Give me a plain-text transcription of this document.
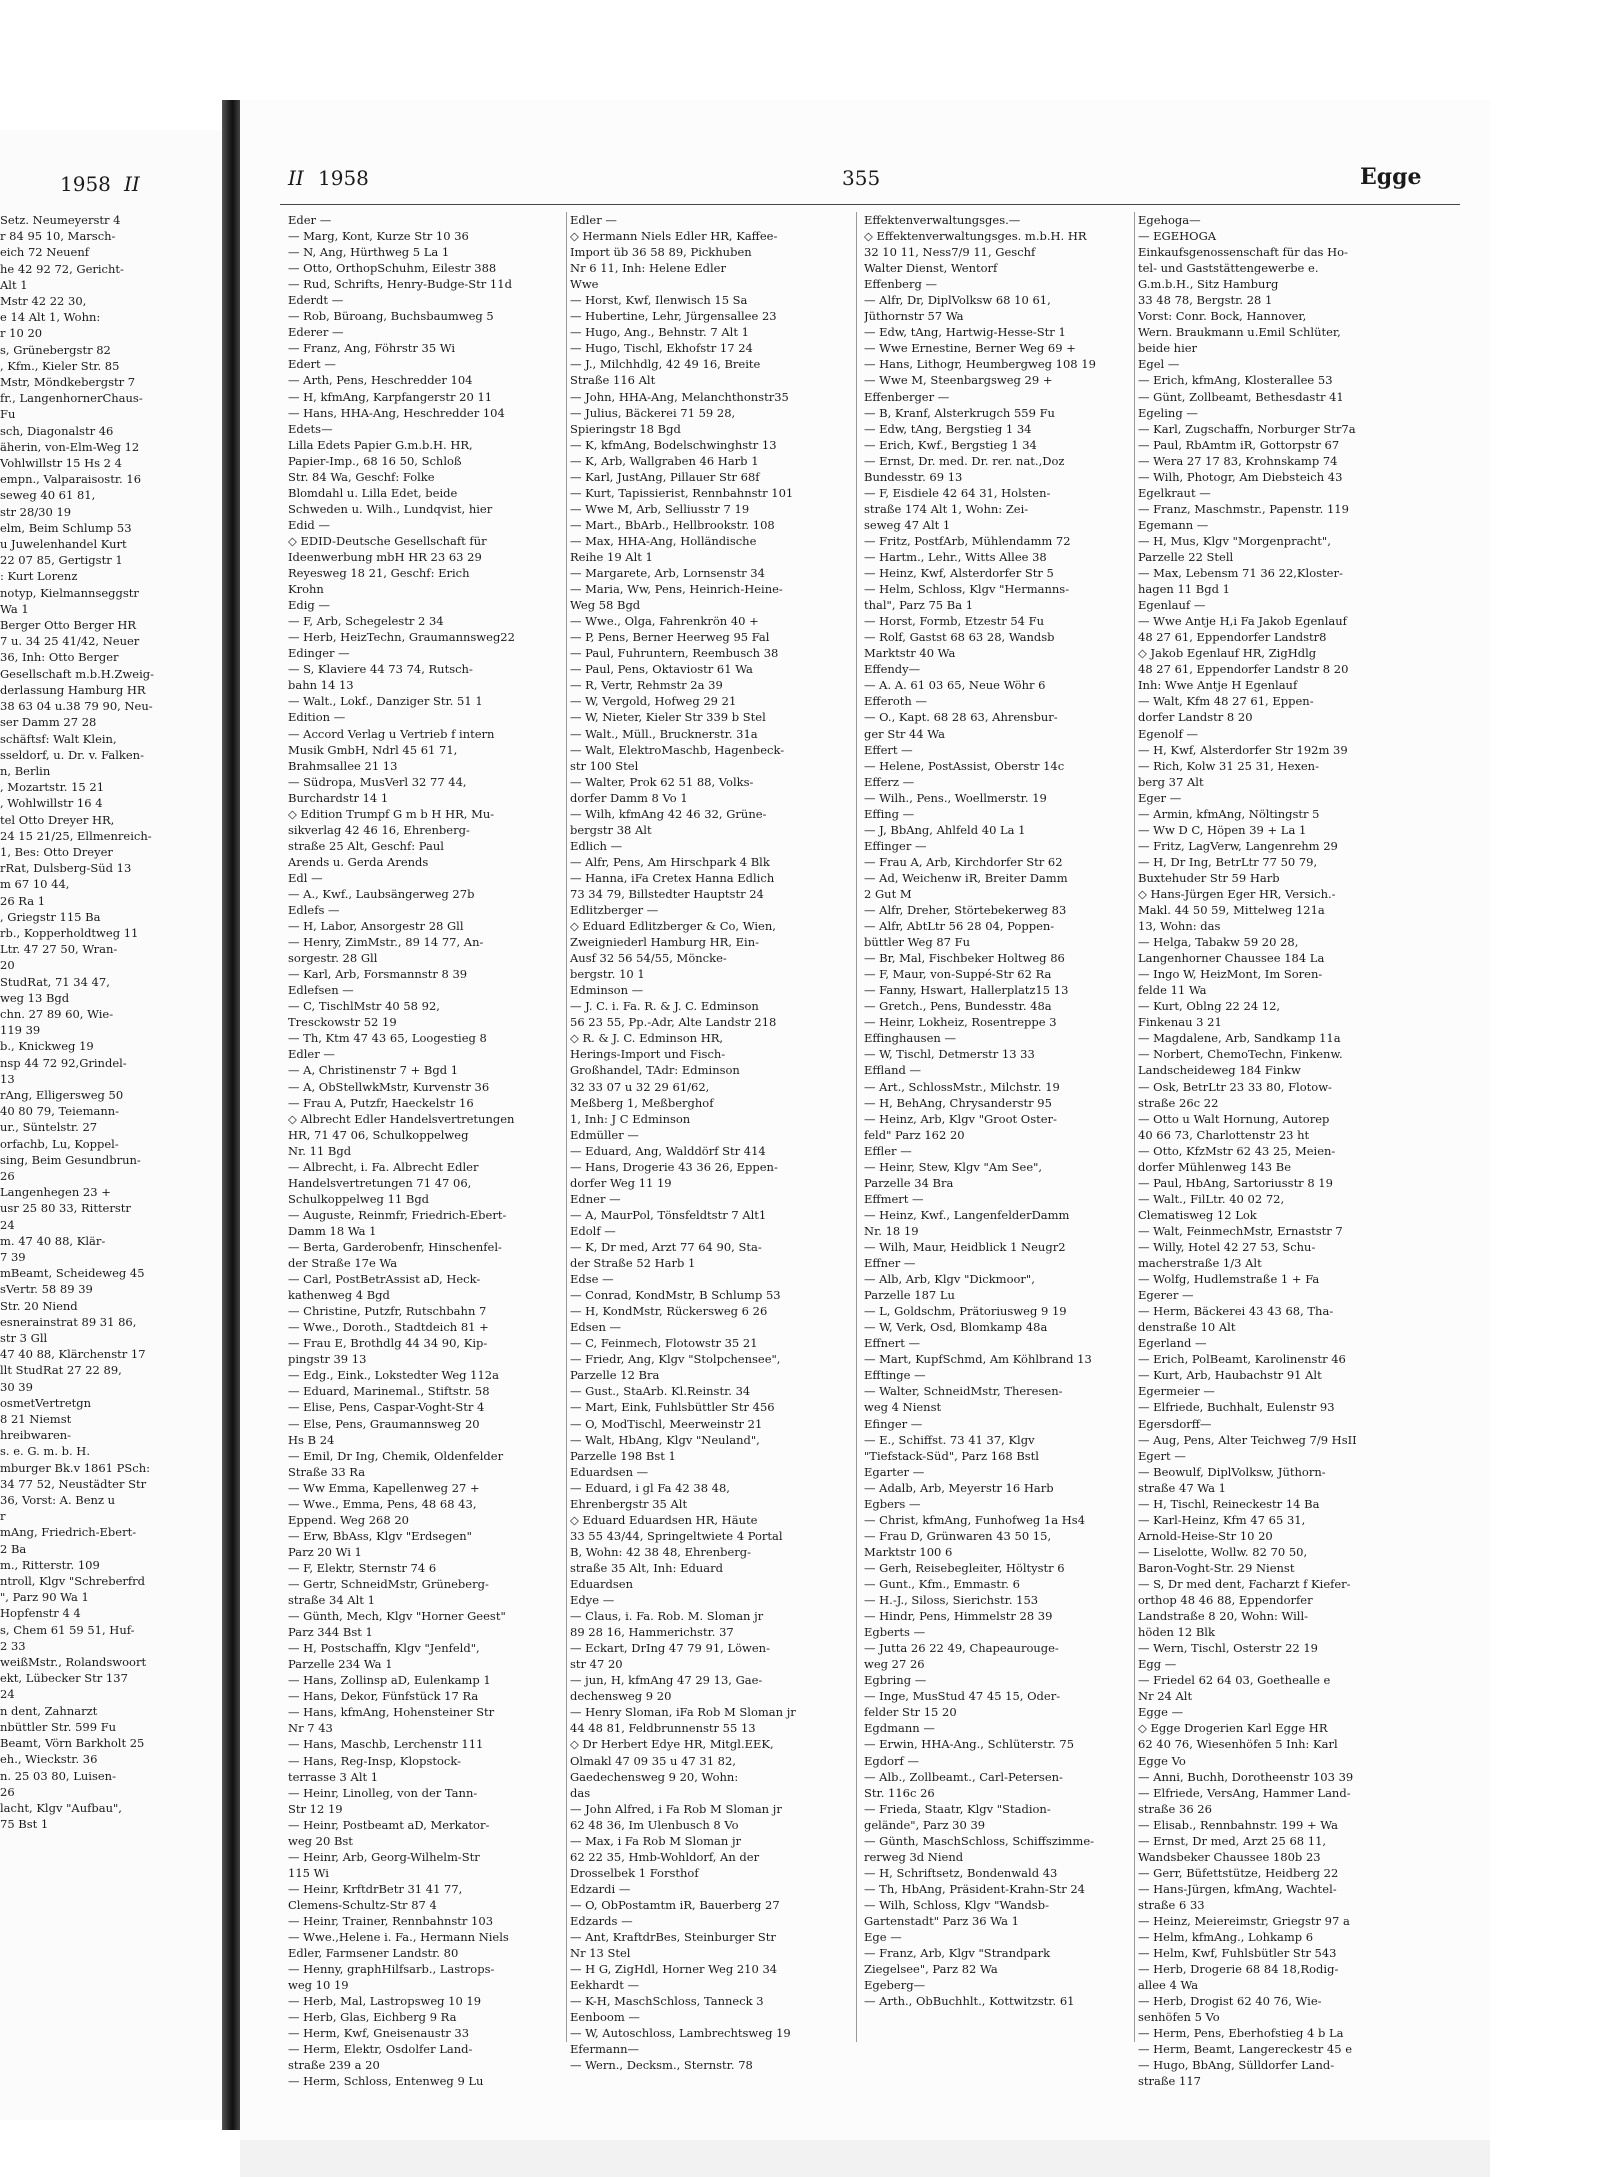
1958 II
Setz. Neumeyerstr 4
r 84 95 10, Marsch-
eich 72 Neuenf
he 42 92 72, Gericht-
Alt 1
Mstr 42 22 30,
e 14 Alt 1, Wohn:
r 10 20
s, Grünebergstr 82
, Kfm., Kieler Str. 85
Mstr, Möndkebergstr 7
fr., LangenhornerChaus-
Fu
sch, Diagonalstr 46
äherin, von-Elm-Weg 12
Vohlwillstr 15 Hs 2 4
empn., Valparaisostr. 16
seweg 40 61 81,
str 28/30 19
elm, Beim Schlump 53
u Juwelenhandel Kurt
22 07 85, Gertigstr 1
: Kurt Lorenz
notyp, Kielmannseggstr
Wa 1
Berger Otto Berger HR
7 u. 34 25 41/42, Neuer
36, Inh: Otto Berger
Gesellschaft m.b.H.Zweig-
derlassung Hamburg HR
38 63 04 u.38 79 90, Neu-
ser Damm 27 28
schäftsf: Walt Klein,
sseldorf, u. Dr. v. Falken-
n, Berlin
, Mozartstr. 15 21
, Wohlwillstr 16 4
tel Otto Dreyer HR,
24 15 21/25, Ellmenreich-
1, Bes: Otto Dreyer
rRat, Dulsberg-Süd 13
m 67 10 44,
26 Ra 1
, Griegstr 115 Ba
rb., Kopperholdtweg 11
Ltr. 47 27 50, Wran-
20
StudRat, 71 34 47,
weg 13 Bgd
chn. 27 89 60, Wie-
119 39
b., Knickweg 19
nsp 44 72 92,Grindel-
13
rAng, Elligersweg 50
40 80 79, Teiemann-
ur., Süntelstr. 27
orfachb, Lu, Koppel-
sing, Beim Gesundbrun-
26
Langenhegen 23 +
usr 25 80 33, Ritterstr
24
m. 47 40 88, Klär-
7 39
mBeamt, Scheideweg 45
sVertr. 58 89 39
Str. 20 Niend
esnerainstrat 89 31 86,
str 3 Gll
47 40 88, Klärchenstr 17
llt StudRat 27 22 89,
30 39
osmetVertretgn
8 21 Niemst
hreibwaren-
s. e. G. m. b. H.
mburger Bk.v 1861 PSch:
34 77 52, Neustädter Str
36, Vorst: A. Benz u
r
mAng, Friedrich-Ebert-
2 Ba
m., Ritterstr. 109
ntroll, Klgv "Schreberfrd
", Parz 90 Wa 1
Hopfenstr 4 4
s, Chem 61 59 51, Huf-
2 33
weißMstr., Rolandswoort
ekt, Lübecker Str 137
24
n dent, Zahnarzt
nbüttler Str. 599 Fu
Beamt, Vörn Barkholt 25
eh., Wieckstr. 36
n. 25 03 80, Luisen-
26
lacht, Klgv "Aufbau",
75 Bst 1
II 1958	355	Egge
Eder —
— Marg, Kont, Kurze Str 10 36
— N, Ang, Hürthweg 5 La 1
— Otto, OrthopSchuhm, Eilestr 388
— Rud, Schrifts, Henry-Budge-Str 11d
Ederdt —
— Rob, Büroang, Buchsbaumweg 5
Ederer —
— Franz, Ang, Föhrstr 35 Wi
Edert —
— Arth, Pens, Heschredder 104
— H, kfmAng, Karpfangerstr 20 11
— Hans, HHA-Ang, Heschredder 104
Edets—
Lilla Edets Papier G.m.b.H. HR,
Papier-Imp., 68 16 50, Schloß
Str. 84 Wa, Geschf: Folke
Blomdahl u. Lilla Edet, beide
Schweden u. Wilh., Lundqvist, hier
Edid —
◇ EDID-Deutsche Gesellschaft für
Ideenwerbung mbH HR 23 63 29
Reyesweg 18 21, Geschf: Erich
Krohn
Edig —
— F, Arb, Schegelestr 2 34
— Herb, HeizTechn, Graumannsweg22
Edinger —
— S, Klaviere 44 73 74, Rutsch-
bahn 14 13
— Walt., Lokf., Danziger Str. 51 1
Edition —
— Accord Verlag u Vertrieb f intern
Musik GmbH, Ndrl 45 61 71,
Brahmsallee 21 13
— Südropa, MusVerl 32 77 44,
Burchardstr 14 1
◇ Edition Trumpf G m b H HR, Mu-
sikverlag 42 46 16, Ehrenberg-
straße 25 Alt, Geschf: Paul
Arends u. Gerda Arends
Edl —
— A., Kwf., Laubsängerweg 27b
Edlefs —
— H, Labor, Ansorgestr 28 Gll
— Henry, ZimMstr., 89 14 77, An-
sorgestr. 28 Gll
— Karl, Arb, Forsmannstr 8 39
Edlefsen —
— C, TischlMstr 40 58 92,
Tresckowstr 52 19
— Th, Ktm 47 43 65, Loogestieg 8
Edler —
— A, Christinenstr 7 + Bgd 1
— A, ObStellwkMstr, Kurvenstr 36
— Frau A, Putzfr, Haeckelstr 16
◇ Albrecht Edler Handelsvertretungen
HR, 71 47 06, Schulkoppelweg
Nr. 11 Bgd
— Albrecht, i. Fa. Albrecht Edler
Handelsvertretungen 71 47 06,
Schulkoppelweg 11 Bgd
— Auguste, Reinmfr, Friedrich-Ebert-
Damm 18 Wa 1
— Berta, Garderobenfr, Hinschenfel-
der Straße 17e Wa
— Carl, PostBetrAssist aD, Heck-
kathenweg 4 Bgd
— Christine, Putzfr, Rutschbahn 7
— Wwe., Doroth., Stadtdeich 81 +
— Frau E, Brothdlg 44 34 90, Kip-
pingstr 39 13
— Edg., Eink., Lokstedter Weg 112a
— Eduard, Marinemal., Stiftstr. 58
— Elise, Pens, Caspar-Voght-Str 4
— Else, Pens, Graumannsweg 20
Hs B 24
— Emil, Dr Ing, Chemik, Oldenfelder
Straße 33 Ra
— Ww Emma, Kapellenweg 27 +
— Wwe., Emma, Pens, 48 68 43,
Eppend. Weg 268 20
— Erw, BbAss, Klgv "Erdsegen"
Parz 20 Wi 1
— F, Elektr, Sternstr 74 6
— Gertr, SchneidMstr, Grüneberg-
straße 34 Alt 1
— Günth, Mech, Klgv "Horner Geest"
Parz 344 Bst 1
— H, Postschaffn, Klgv "Jenfeld",
Parzelle 234 Wa 1
— Hans, Zollinsp aD, Eulenkamp 1
— Hans, Dekor, Fünfstück 17 Ra
— Hans, kfmAng, Hohensteiner Str
Nr 7 43
— Hans, Maschb, Lerchenstr 111
— Hans, Reg-Insp, Klopstock-
terrasse 3 Alt 1
— Heinr, Linolleg, von der Tann-
Str 12 19
— Heinr, Postbeamt aD, Merkator-
weg 20 Bst
— Heinr, Arb, Georg-Wilhelm-Str
115 Wi
— Heinr, KrftdrBetr 31 41 77,
Clemens-Schultz-Str 87 4
— Heinr, Trainer, Rennbahnstr 103
— Wwe.,Helene i. Fa., Hermann Niels
Edler, Farmsener Landstr. 80
— Henny, graphHilfsarb., Lastrops-
weg 10 19
— Herb, Mal, Lastropsweg 10 19
— Herb, Glas, Eichberg 9 Ra
— Herm, Kwf, Gneisenaustr 33
— Herm, Elektr, Osdolfer Land-
straße 239 a 20
— Herm, Schloss, Entenweg 9 Lu
Edler —
◇ Hermann Niels Edler HR, Kaffee-
Import üb 36 58 89, Pickhuben
Nr 6 11, Inh: Helene Edler
Wwe
— Horst, Kwf, Ilenwisch 15 Sa
— Hubertine, Lehr, Jürgensallee 23
— Hugo, Ang., Behnstr. 7 Alt 1
— Hugo, Tischl, Ekhofstr 17 24
— J., Milchhdlg, 42 49 16, Breite
Straße 116 Alt
— John, HHA-Ang, Melanchthonstr35
— Julius, Bäckerei 71 59 28,
Spieringstr 18 Bgd
— K, kfmAng, Bodelschwinghstr 13
— K, Arb, Wallgraben 46 Harb 1
— Karl, JustAng, Pillauer Str 68f
— Kurt, Tapissierist, Rennbahnstr 101
— Wwe M, Arb, Selliusstr 7 19
— Mart., BbArb., Hellbrookstr. 108
— Max, HHA-Ang, Holländische
Reihe 19 Alt 1
— Margarete, Arb, Lornsenstr 34
— Maria, Ww, Pens, Heinrich-Heine-
Weg 58 Bgd
— Wwe., Olga, Fahrenkrön 40 +
— P, Pens, Berner Heerweg 95 Fal
— Paul, Fuhruntern, Reembusch 38
— Paul, Pens, Oktaviostr 61 Wa
— R, Vertr, Rehmstr 2a 39
— W, Vergold, Hofweg 29 21
— W, Nieter, Kieler Str 339 b Stel
— Walt., Müll., Brucknerstr. 31a
— Walt, ElektroMaschb, Hagenbeck-
str 100 Stel
— Walter, Prok 62 51 88, Volks-
dorfer Damm 8 Vo 1
— Wilh, kfmAng 42 46 32, Grüne-
bergstr 38 Alt
Edlich —
— Alfr, Pens, Am Hirschpark 4 Blk
— Hanna, iFa Cretex Hanna Edlich
73 34 79, Billstedter Hauptstr 24
Edlitzberger —
◇ Eduard Edlitzberger & Co, Wien,
Zweigniederl Hamburg HR, Ein-
Ausf 32 56 54/55, Mönckе-
bergstr. 10 1
Edminson —
— J. C. i. Fa. R. & J. C. Edminson
56 23 55, Pp.-Adr, Alte Landstr 218
◇ R. & J. C. Edminson HR,
Herings-Import und Fisch-
Großhandel, TAdr: Edminson
32 33 07 u 32 29 61/62,
Meßberg 1, Meßberghof
1, Inh: J C Edminson
Edmüller —
— Eduard, Ang, Walddörf Str 414
— Hans, Drogerie 43 36 26, Eppen-
dorfer Weg 11 19
Edner —
— A, MaurPol, Tönsfeldtstr 7 Alt1
Edolf —
— K, Dr med, Arzt 77 64 90, Sta-
der Straße 52 Harb 1
Edse —
— Conrad, KondMstr, B Schlump 53
— H, KondMstr, Rückersweg 6 26
Edsen —
— C, Feinmech, Flotowstr 35 21
— Friedr, Ang, Klgv "Stolpchensee",
Parzelle 12 Bra
— Gust., StaArb. Kl.Reinstr. 34
— Mart, Eink, Fuhlsbüttler Str 456
— O, ModTischl, Meerweinstr 21
— Walt, HbAng, Klgv "Neuland",
Parzelle 198 Bst 1
Eduardsen —
— Eduard, i gl Fa 42 38 48,
Ehrenbergstr 35 Alt
◇ Eduard Eduardsen HR, Häute
33 55 43/44, Springeltwiete 4 Portal
B, Wohn: 42 38 48, Ehrenberg-
straße 35 Alt, Inh: Eduard
Eduardsen
Edye —
— Claus, i. Fa. Rob. M. Sloman jr
89 28 16, Hammerichstr. 37
— Eckart, DrIng 47 79 91, Löwen-
str 47 20
— jun, H, kfmAng 47 29 13, Gae-
dechensweg 9 20
— Henry Sloman, iFa Rob M Sloman jr
44 48 81, Feldbrunnenstr 55 13
◇ Dr Herbert Edye HR, Mitgl.EEK,
Olmakl 47 09 35 u 47 31 82,
Gaedechensweg 9 20, Wohn:
das
— John Alfred, i Fa Rob M Sloman jr
62 48 36, Im Ulenbusch 8 Vo
— Max, i Fa Rob M Sloman jr
62 22 35, Hmb-Wohldorf, An der
Drosselbek 1 Forsthof
Edzardi —
— O, ObPostamtm iR, Bauerberg 27
Edzards —
— Ant, KraftdrBes, Steinburger Str
Nr 13 Stel
— H G, ZigHdl, Horner Weg 210 34
Eekhardt —
— K-H, MaschSchloss, Tanneck 3
Eenboom —
— W, Autoschloss, Lambrechtsweg 19
Efermann—
— Wern., Decksm., Sternstr. 78
Effektenverwaltungsges.—
◇ Effektenverwaltungsges. m.b.H. HR
32 10 11, Ness7/9 11, Geschf
Walter Dienst, Wentorf
Effenberg —
— Alfr, Dr, DiplVolksw 68 10 61,
Jüthornstr 57 Wa
— Edw, tAng, Hartwig-Hesse-Str 1
— Wwe Ernestine, Berner Weg 69 +
— Hans, Lithogr, Heumbergweg 108 19
— Wwe M, Steenbargsweg 29 +
Effenberger —
— B, Kranf, Alsterkrugch 559 Fu
— Edw, tAng, Bergstieg 1 34
— Erich, Kwf., Bergstieg 1 34
— Ernst, Dr. med. Dr. rer. nat.,Doz
Bundesstr. 69 13
— F, Eisdiele 42 64 31, Holsten-
straße 174 Alt 1, Wohn: Zei-
seweg 47 Alt 1
— Fritz, PostfArb, Mühlendamm 72
— Hartm., Lehr., Witts Allee 38
— Heinz, Kwf, Alsterdorfer Str 5
— Helm, Schloss, Klgv "Hermanns-
thal", Parz 75 Ba 1
— Horst, Formb, Etzestr 54 Fu
— Rolf, Gastst 68 63 28, Wandsb
Marktstr 40 Wa
Effendy—
— A. A. 61 03 65, Neue Wöhr 6
Efferoth —
— O., Kapt. 68 28 63, Ahrensbur-
ger Str 44 Wa
Effert —
— Helene, PostAssist, Oberstr 14c
Efferz —
— Wilh., Pens., Woellmerstr. 19
Effing —
— J, BbAng, Ahlfeld 40 La 1
Effinger —
— Frau A, Arb, Kirchdorfer Str 62
— Ad, Weichenw iR, Breiter Damm
2 Gut M
— Alfr, Dreher, Störtebekerweg 83
— Alfr, AbtLtr 56 28 04, Poppen-
büttler Weg 87 Fu
— Br, Mal, Fischbeker Holtweg 86
— F, Maur, von-Suppé-Str 62 Ra
— Fanny, Hswart, Hallerplatz15 13
— Gretch., Pens, Bundesstr. 48a
— Heinr, Lokheiz, Rosentreppe 3
Effinghausen —
— W, Tischl, Detmerstr 13 33
Effland —
— Art., SchlossMstr., Milchstr. 19
— H, BehAng, Chrysanderstr 95
— Heinz, Arb, Klgv "Groot Oster-
feld" Parz 162 20
Effler —
— Heinr, Stew, Klgv "Am See",
Parzelle 34 Bra
Effmert —
— Heinz, Kwf., LangenfelderDamm
Nr. 18 19
— Wilh, Maur, Heidblick 1 Neugr2
Effner —
— Alb, Arb, Klgv "Dickmoor",
Parzelle 187 Lu
— L, Goldschm, Prätoriusweg 9 19
— W, Verk, Osd, Blomkamp 48a
Effnert —
— Mart, KupfSchmd, Am Köhlbrand 13
Efftinge —
— Walter, SchneidMstr, Theresen-
weg 4 Nienst
Efinger —
— E., Schiffst. 73 41 37, Klgv
"Tiefstack-Süd", Parz 168 Bstl
Egarter —
— Adalb, Arb, Meyerstr 16 Harb
Egbers —
— Christ, kfmAng, Funhofweg 1a Hs4
— Frau D, Grünwaren 43 50 15,
Marktstr 100 6
— Gerh, Reisebegleiter, Höltystr 6
— Gunt., Kfm., Emmastr. 6
— H.-J., Siloss, Sierichstr. 153
— Hindr, Pens, Himmelstr 28 39
Egberts —
— Jutta 26 22 49, Chapeaurouge-
weg 27 26
Egbring —
— Inge, MusStud 47 45 15, Oder-
felder Str 15 20
Egdmann —
— Erwin, HHA-Ang., Schlüterstr. 75
Egdorf —
— Alb., Zollbeamt., Carl-Petersen-
Str. 116c 26
— Frieda, Staatr, Klgv "Stadion-
gelände", Parz 30 39
— Günth, MaschSchloss, Schiffszimme-
rerweg 3d Niend
— H, Schriftsetz, Bondenwald 43
— Th, HbAng, Präsident-Krahn-Str 24
— Wilh, Schloss, Klgv "Wandsb-
Gartenstadt" Parz 36 Wa 1
Ege —
— Franz, Arb, Klgv "Strandpark
Ziegelsee", Parz 82 Wa
Egeberg—
— Arth., ObBuchhlt., Kottwitzstr. 61
Egehoga—
— EGEHOGA
Einkaufsgenossenschaft für das Ho-
tel- und Gaststättengewerbe e.
G.m.b.H., Sitz Hamburg
33 48 78, Bergstr. 28 1
Vorst: Conr. Bock, Hannover,
Wern. Braukmann u.Emil Schlüter,
beide hier
Egel —
— Erich, kfmAng, Klosterallee 53
— Günt, Zollbeamt, Bethesdastr 41
Egeling —
— Karl, Zugschaffn, Norburger Str7a
— Paul, RbAmtm iR, Gottorpstr 67
— Wera 27 17 83, Krohnskamp 74
— Wilh, Photogr, Am Diebsteich 43
Egelkraut —
— Franz, Maschmstr., Papenstr. 119
Egemann —
— H, Mus, Klgv "Morgenpracht",
Parzelle 22 Stell
— Max, Lebensm 71 36 22,Kloster-
hagen 11 Bgd 1
Egenlauf —
— Wwe Antje H,i Fa Jakob Egenlauf
48 27 61, Eppendorfer Landstr8
◇ Jakob Egenlauf HR, ZigHdlg
48 27 61, Eppendorfer Landstr 8 20
Inh: Wwe Antje H Egenlauf
— Walt, Kfm 48 27 61, Eppen-
dorfer Landstr 8 20
Egenolf —
— H, Kwf, Alsterdorfer Str 192m 39
— Rich, Kolw 31 25 31, Hexen-
berg 37 Alt
Eger —
— Armin, kfmAng, Nöltingstr 5
— Ww D C, Höpen 39 + La 1
— Fritz, LagVerw, Langenrehm 29
— H, Dr Ing, BetrLtr 77 50 79,
Buxtehuder Str 59 Harb
◇ Hans-Jürgen Eger HR, Versich.-
Makl. 44 50 59, Mittelweg 121a
13, Wohn: das
— Helga, Tabakw 59 20 28,
Langenhorner Chaussee 184 La
— Ingo W, HeizMont, Im Soren-
felde 11 Wa
— Kurt, Oblng 22 24 12,
Finkenau 3 21
— Magdalene, Arb, Sandkamp 11a
— Norbert, ChemoTechn, Finkenw.
Landscheideweg 184 Finkw
— Osk, BetrLtr 23 33 80, Flotow-
straße 26c 22
— Otto u Walt Hornung, Autorep
40 66 73, Charlottenstr 23 ht
— Otto, KfzMstr 62 43 25, Meien-
dorfer Mühlenweg 143 Be
— Paul, HbAng, Sartoriusstr 8 19
— Walt., FilLtr. 40 02 72,
Clematisweg 12 Lok
— Walt, FeinmechMstr, Ernaststr 7
— Willy, Hotel 42 27 53, Schu-
macherstraße 1/3 Alt
— Wolfg, Hudlemstraße 1 + Fa
Egerer —
— Herm, Bäckerei 43 43 68, Tha-
denstraße 10 Alt
Egerland —
— Erich, PolBeamt, Karolinenstr 46
— Kurt, Arb, Haubachstr 91 Alt
Egermeier —
— Elfriede, Buchhalt, Eulenstr 93
Egersdorff—
— Aug, Pens, Alter Teichweg 7/9 HsII
Egert —
— Beowulf, DiplVolksw, Jüthorn-
straße 47 Wa 1
— H, Tischl, Reineckestr 14 Ba
— Karl-Heinz, Kfm 47 65 31,
Arnold-Heise-Str 10 20
— Liselotte, Wollw. 82 70 50,
Baron-Voght-Str. 29 Nienst
— S, Dr med dent, Facharzt f Kiefer-
orthop 48 46 88, Eppendorfer
Landstraße 8 20, Wohn: Will-
höden 12 Blk
— Wern, Tischl, Osterstr 22 19
Egg —
— Friedel 62 64 03, Goethealle e
Nr 24 Alt
Egge —
◇ Egge Drogerien Karl Egge HR
62 40 76, Wiesenhöfen 5 Inh: Karl
Egge Vo
— Anni, Buchh, Dorotheenstr 103 39
— Elfriede, VersAng, Hammer Land-
straße 36 26
— Elisab., Rennbahnstr. 199 + Wa
— Ernst, Dr med, Arzt 25 68 11,
Wandsbeker Chaussee 180b 23
— Gerr, Büfettstütze, Heidberg 22
— Hans-Jürgen, kfmAng, Wachtel-
straße 6 33
— Heinz, Meiereimstr, Griegstr 97 a
— Helm, kfmAng., Lohkamp 6
— Helm, Kwf, Fuhlsbütler Str 543
— Herb, Drogerie 68 84 18,Rodig-
allee 4 Wa
— Herb, Drogist 62 40 76, Wie-
senhöfen 5 Vo
— Herm, Pens, Eberhofstieg 4 b La
— Herm, Beamt, Langereckestr 45 e
— Hugo, BbAng, Sülldorfer Land-
straße 117
